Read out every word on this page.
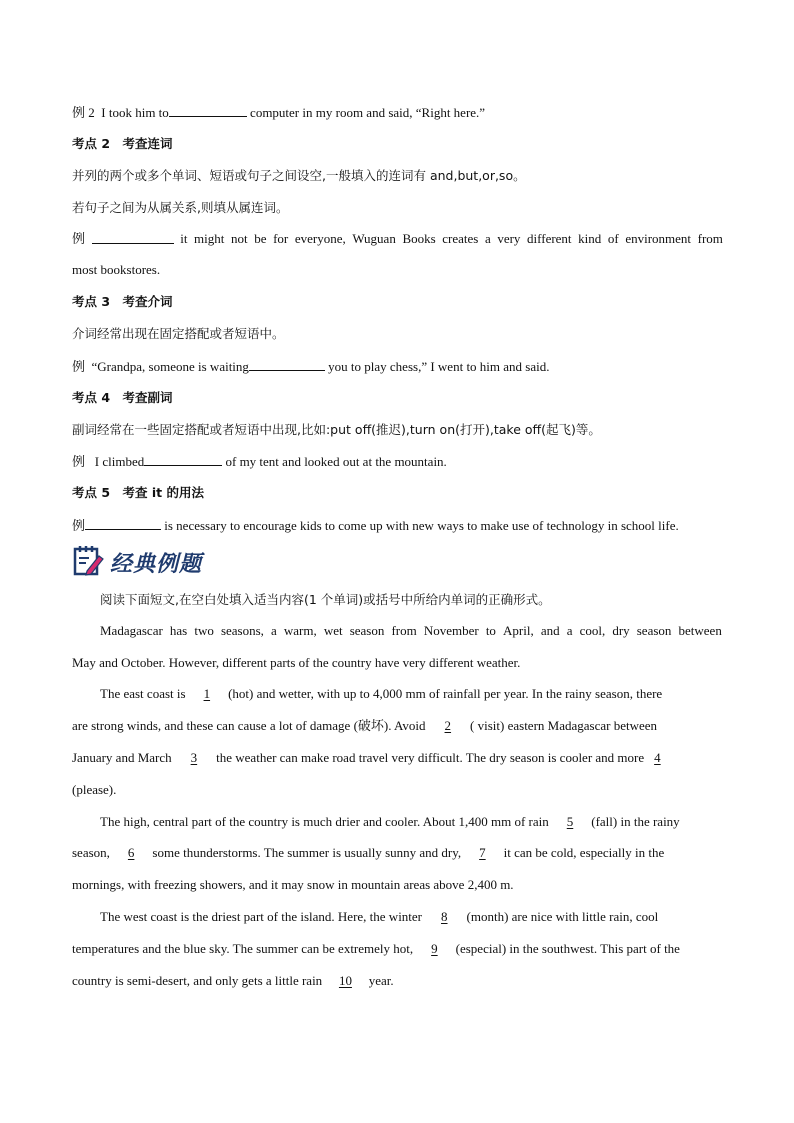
例 2 I took him to	computer in my room and said, “Right here.”
考点 2　考查连词
并列的两个或多个单词、短语或句子之间设空,一般填入的连词有 and,but,or,so。
若句子之间为从属关系,则填从属连词。
例	it might not be for everyone, Wuguan Books creates a very different kind of environment from
most bookstores.
考点 3　考查介词
介词经常出现在固定搭配或者短语中。
例 “Grandpa, someone is waiting	you to play chess,” I went to him and said.
考点 4　考查副词
副词经常在一些固定搭配或者短语中出现,比如:put off(推迟),turn on(打开),take off(起飞)等。
例 I climbed	of my tent and looked out at the mountain.
考点 5　考查 it 的用法
例	is necessary to encourage kids to come up with new ways to make use of technology in school life.
经典例题
阅读下面短文,在空白处填入适当内容(1 个单词)或括号中所给内单词的正确形式。
Madagascar has two seasons, a warm, wet season from November to April, and a cool, dry season between
May and October. However, different parts of the country have very different weather.
The east coast is 1 (hot) and wetter, with up to 4,000 mm of rainfall per year. In the rainy season, there
are strong winds, and these can cause a lot of damage (破坏). Avoid 2 ( visit) eastern Madagascar between
January and March 3 the weather can make road travel very difficult. The dry season is cooler and more 4
(please).
The high, central part of the country is much drier and cooler. About 1,400 mm of rain 5 (fall) in the rainy
season, 6 some thunderstorms. The summer is usually sunny and dry, 7 it can be cold, especially in the
mornings, with freezing showers, and it may snow in mountain areas above 2,400 m.
The west coast is the driest part of the island. Here, the winter 8 (month) are nice with little rain, cool
temperatures and the blue sky. The summer can be extremely hot, 9 (especial) in the southwest. This part of the
country is semi-desert, and only gets a little rain 10 year.
